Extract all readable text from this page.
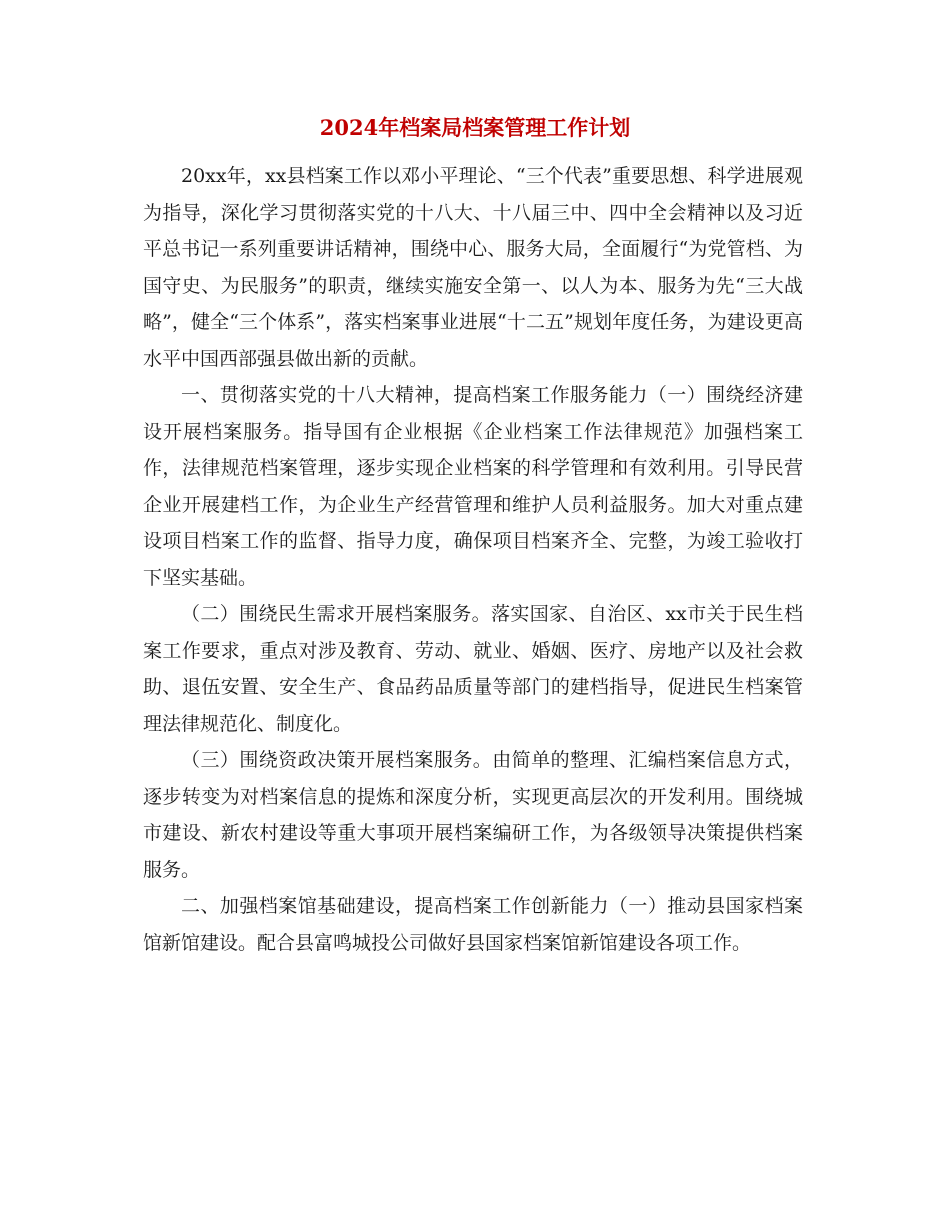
2024年档案局档案管理工作计划

20xx年，xx县档案工作以邓小平理论、“三个代表”重要思想、科学进展观为指导，深化学习贯彻落实党的十八大、十八届三中、四中全会精神以及习近平总书记一系列重要讲话精神，围绕中心、服务大局，全面履行“为党管档、为国守史、为民服务”的职责，继续实施安全第一、以人为本、服务为先“三大战略”，健全“三个体系”，落实档案事业进展“十二五”规划年度任务，为建设更高水平中国西部强县做出新的贡献。

一、贯彻落实党的十八大精神，提高档案工作服务能力（一）围绕经济建设开展档案服务。指导国有企业根据《企业档案工作法律规范》加强档案工作，法律规范档案管理，逐步实现企业档案的科学管理和有效利用。引导民营企业开展建档工作，为企业生产经营管理和维护人员利益服务。加大对重点建设项目档案工作的监督、指导力度，确保项目档案齐全、完整，为竣工验收打下坚实基础。

（二）围绕民生需求开展档案服务。落实国家、自治区、xx市关于民生档案工作要求，重点对涉及教育、劳动、就业、婚姻、医疗、房地产以及社会救助、退伍安置、安全生产、食品药品质量等部门的建档指导，促进民生档案管理法律规范化、制度化。

（三）围绕资政决策开展档案服务。由简单的整理、汇编档案信息方式，逐步转变为对档案信息的提炼和深度分析，实现更高层次的开发利用。围绕城市建设、新农村建设等重大事项开展档案编研工作，为各级领导决策提供档案服务。

二、加强档案馆基础建设，提高档案工作创新能力（一）推动县国家档案馆新馆建设。配合县富鸣城投公司做好县国家档案馆新馆建设各项工作。
